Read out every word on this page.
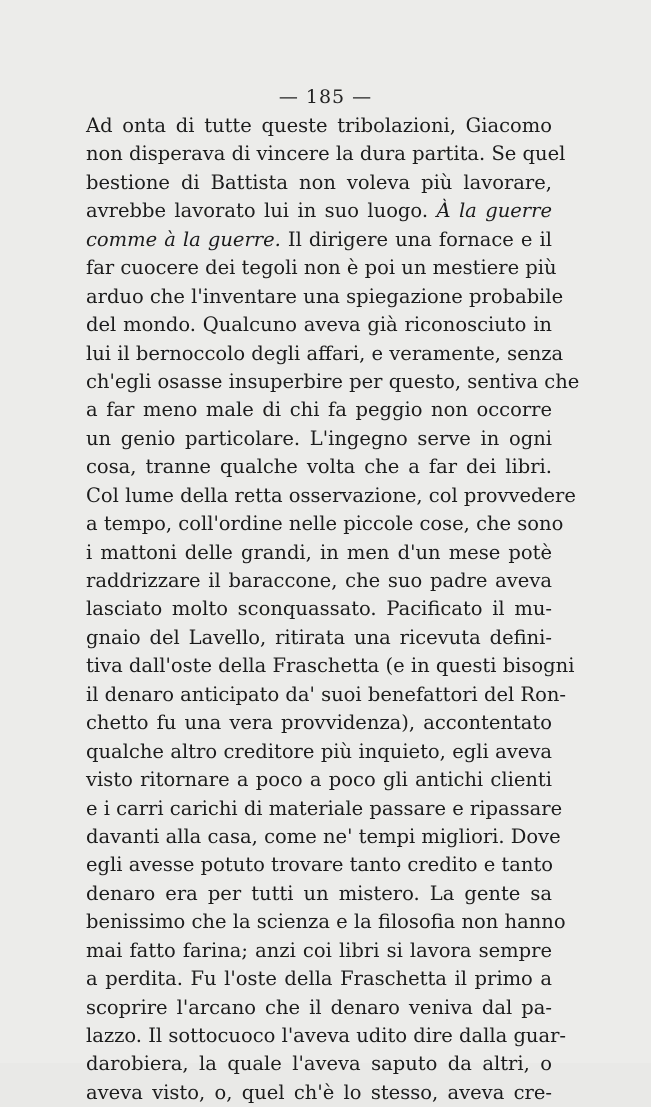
— 185 —
Ad onta di tutte queste tribolazioni, Giacomo
non disperava di vincere la dura partita. Se quel
bestione di Battista non voleva più lavorare,
avrebbe lavorato lui in suo luogo. À la guerre
comme à la guerre. Il dirigere una fornace e il
far cuocere dei tegoli non è poi un mestiere più
arduo che l'inventare una spiegazione probabile
del mondo. Qualcuno aveva già riconosciuto in
lui il bernoccolo degli affari, e veramente, senza
ch'egli osasse insuperbire per questo, sentiva che
a far meno male di chi fa peggio non occorre
un genio particolare. L'ingegno serve in ogni
cosa, tranne qualche volta che a far dei libri.
Col lume della retta osservazione, col provvedere
a tempo, coll'ordine nelle piccole cose, che sono
i mattoni delle grandi, in men d'un mese potè
raddrizzare il baraccone, che suo padre aveva
lasciato molto sconquassato. Pacificato il mu-
gnaio del Lavello, ritirata una ricevuta defini-
tiva dall'oste della Fraschetta (e in questi bisogni
il denaro anticipato da' suoi benefattori del Ron-
chetto fu una vera provvidenza), accontentato
qualche altro creditore più inquieto, egli aveva
visto ritornare a poco a poco gli antichi clienti
e i carri carichi di materiale passare e ripassare
davanti alla casa, come ne' tempi migliori. Dove
egli avesse potuto trovare tanto credito e tanto
denaro era per tutti un mistero. La gente sa
benissimo che la scienza e la filosofia non hanno
mai fatto farina; anzi coi libri si lavora sempre
a perdita. Fu l'oste della Fraschetta il primo a
scoprire l'arcano che il denaro veniva dal pa-
lazzo. Il sottocuoco l'aveva udito dire dalla guar-
darobiera, la quale l'aveva saputo da altri, o
aveva visto, o, quel ch'è lo stesso, aveva cre-
